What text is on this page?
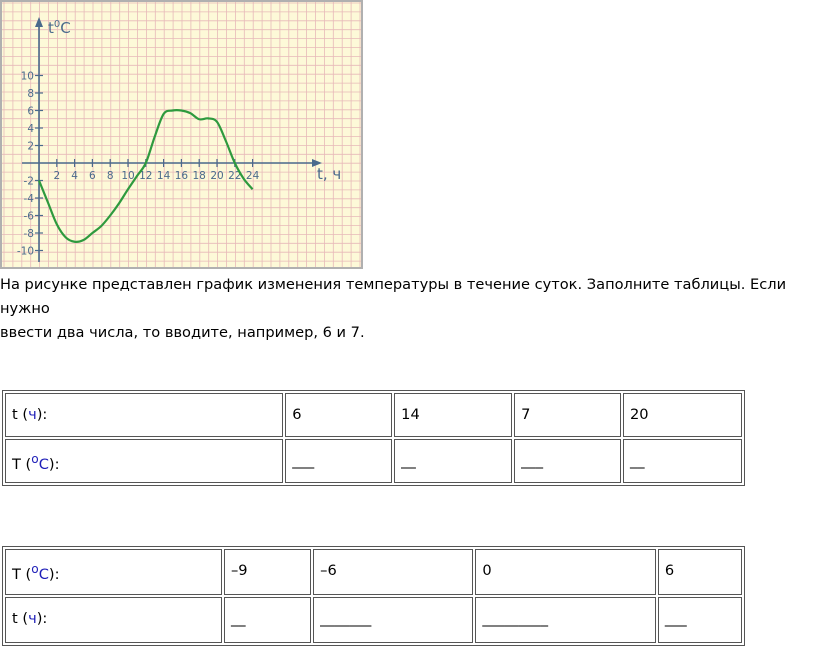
2 4 6 8 10 12 14 16 18 20 22 24
10
8
6
4
2
-2
-4
-6
-8
-10
$t^0C$
t, ч
На рисунке представлен график изменения температуры в течение суток. Заполните таблицы. Если нужно
ввести два числа, то вводите, например, 6 и 7.
t (ч):	6	14	7	20
T ($^o$С):	___	__	___	__
T ($^o$С):	–9	–6	0	6
t (ч):	__	_______	_________	___
